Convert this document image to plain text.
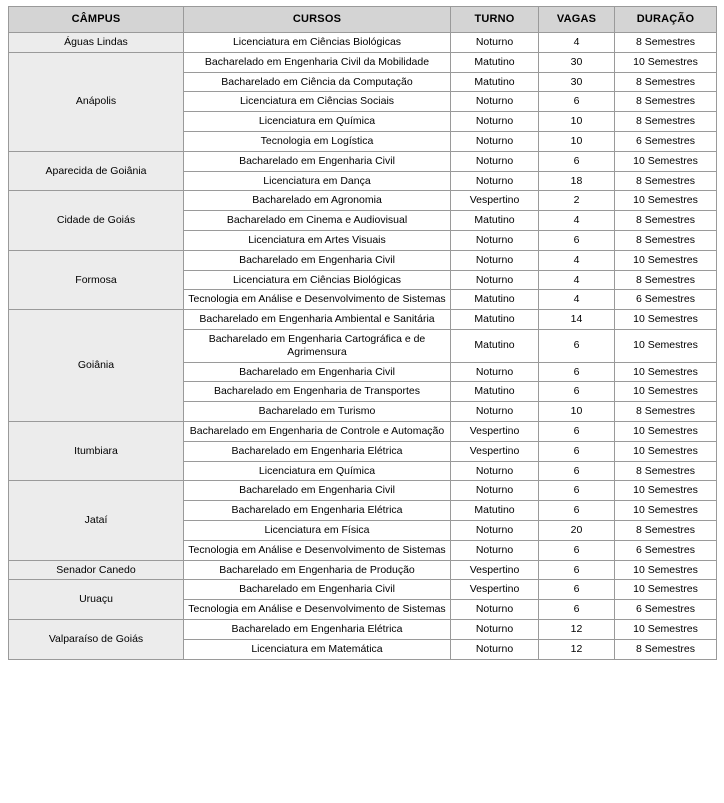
CÂMPUS	CURSOS	TURNO	VAGAS	DURAÇÃO
Águas Lindas	Licenciatura em Ciências Biológicas	Noturno	4	8 Semestres
Anápolis	Bacharelado em Engenharia Civil da Mobilidade	Matutino	30	10 Semestres
	Bacharelado em Ciência da Computação	Matutino	30	8 Semestres
	Licenciatura em Ciências Sociais	Noturno	6	8 Semestres
	Licenciatura em Química	Noturno	10	8 Semestres
	Tecnologia em Logística	Noturno	10	6 Semestres
Aparecida de Goiânia	Bacharelado em Engenharia Civil	Noturno	6	10 Semestres
	Licenciatura em Dança	Noturno	18	8 Semestres
Cidade de Goiás	Bacharelado em Agronomia	Vespertino	2	10 Semestres
	Bacharelado em Cinema e Audiovisual	Matutino	4	8 Semestres
	Licenciatura em Artes Visuais	Noturno	6	8 Semestres
Formosa	Bacharelado em Engenharia Civil	Noturno	4	10 Semestres
	Licenciatura em Ciências Biológicas	Noturno	4	8 Semestres
	Tecnologia em Análise e Desenvolvimento de Sistemas	Matutino	4	6 Semestres
Goiânia	Bacharelado em Engenharia Ambiental e Sanitária	Matutino	14	10 Semestres
	Bacharelado em Engenharia Cartográfica e de Agrimensura	Matutino	6	10 Semestres
	Bacharelado em Engenharia Civil	Noturno	6	10 Semestres
	Bacharelado em Engenharia de Transportes	Matutino	6	10 Semestres
	Bacharelado em Turismo	Noturno	10	8 Semestres
Itumbiara	Bacharelado em Engenharia de Controle e Automação	Vespertino	6	10 Semestres
	Bacharelado em Engenharia Elétrica	Vespertino	6	10 Semestres
	Licenciatura em Química	Noturno	6	8 Semestres
Jataí	Bacharelado em Engenharia Civil	Noturno	6	10 Semestres
	Bacharelado em Engenharia Elétrica	Matutino	6	10 Semestres
	Licenciatura em Física	Noturno	20	8 Semestres
	Tecnologia em Análise e Desenvolvimento de Sistemas	Noturno	6	6 Semestres
Senador Canedo	Bacharelado em Engenharia de Produção	Vespertino	6	10 Semestres
Uruaçu	Bacharelado em Engenharia Civil	Vespertino	6	10 Semestres
	Tecnologia em Análise e Desenvolvimento de Sistemas	Noturno	6	6 Semestres
Valparaíso de Goiás	Bacharelado em Engenharia Elétrica	Noturno	12	10 Semestres
	Licenciatura em Matemática	Noturno	12	8 Semestres
